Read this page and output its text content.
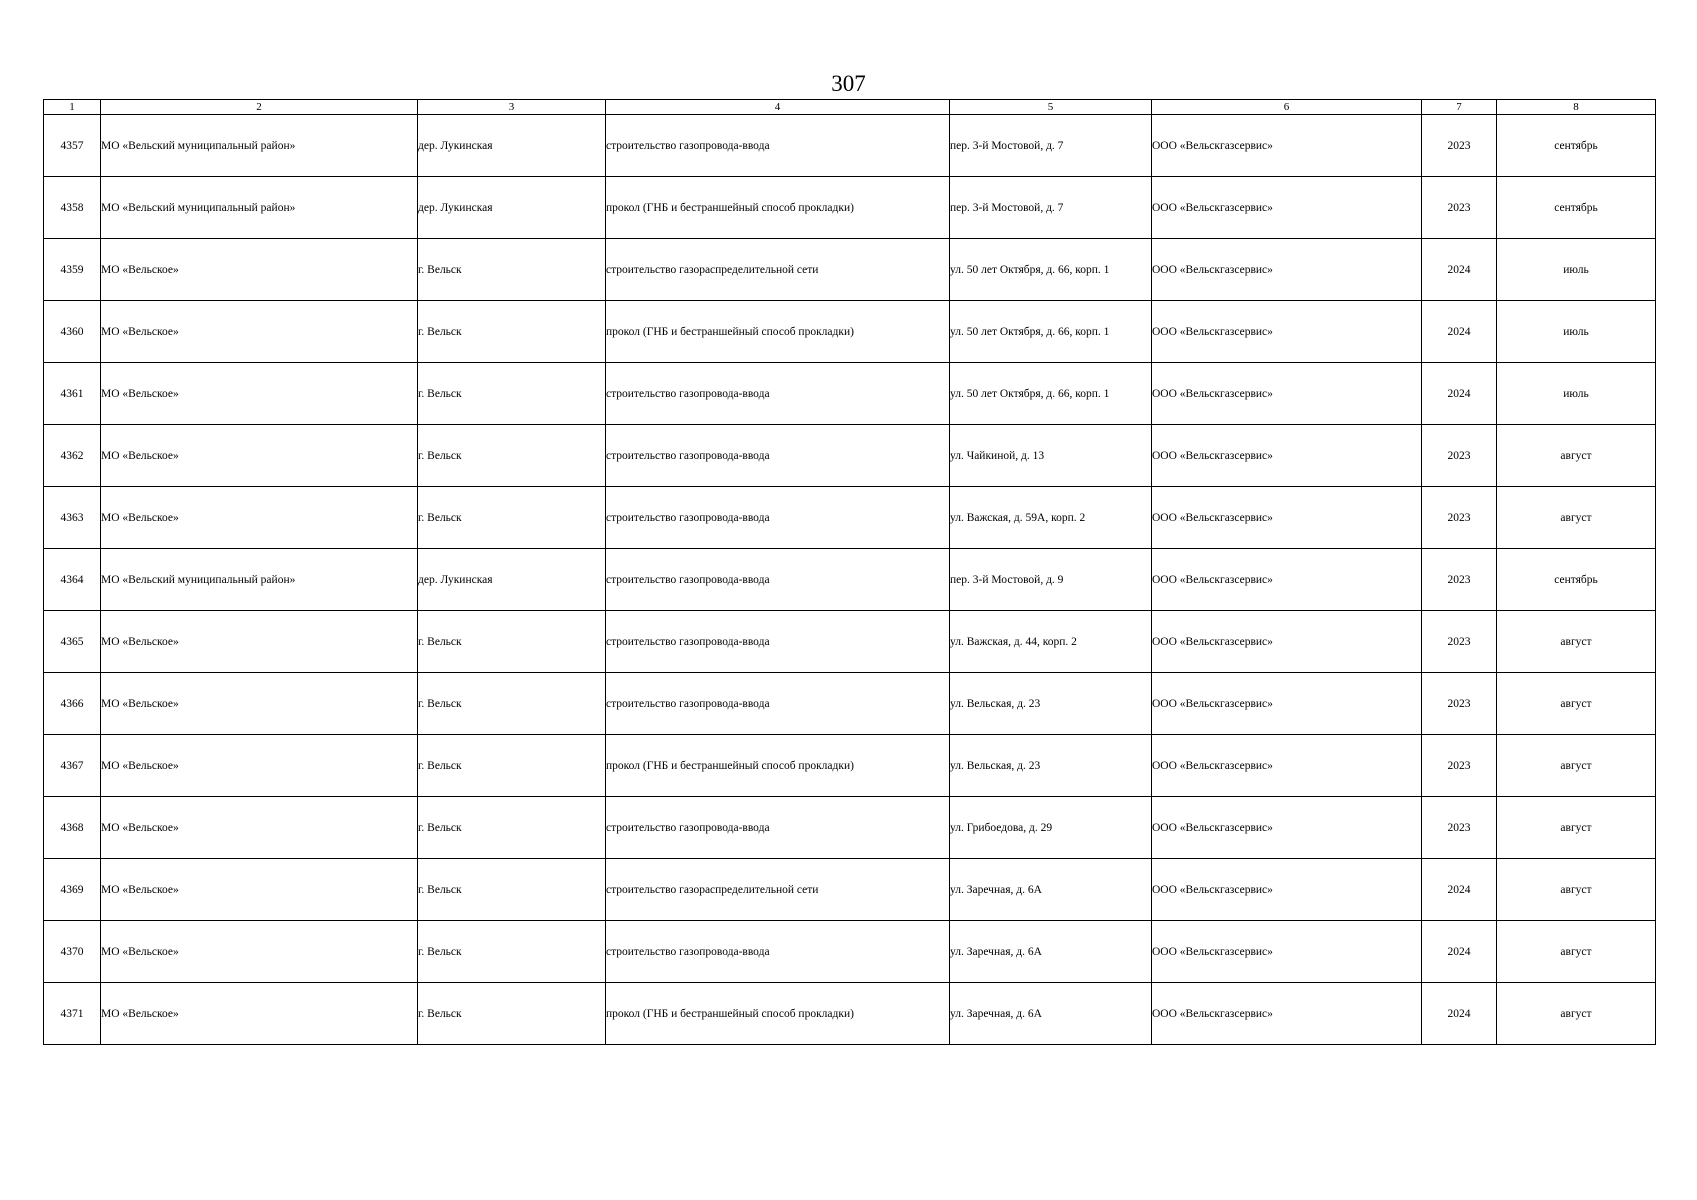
307
1	2	3	4	5	6	7	8
4357	МО «Вельский муниципальный район»	дер. Лукинская	строительство газопровода-ввода	пер. 3-й Мостовой, д. 7	ООО «Вельскгазсервис»	2023	сентябрь
4358	МО «Вельский муниципальный район»	дер. Лукинская	прокол (ГНБ и бестраншейный способ прокладки)	пер. 3-й Мостовой, д. 7	ООО «Вельскгазсервис»	2023	сентябрь
4359	МО «Вельское»	г. Вельск	строительство газораспределительной сети	ул. 50 лет Октября, д. 66, корп. 1	ООО «Вельскгазсервис»	2024	июль
4360	МО «Вельское»	г. Вельск	прокол (ГНБ и бестраншейный способ прокладки)	ул. 50 лет Октября, д. 66, корп. 1	ООО «Вельскгазсервис»	2024	июль
4361	МО «Вельское»	г. Вельск	строительство газопровода-ввода	ул. 50 лет Октября, д. 66, корп. 1	ООО «Вельскгазсервис»	2024	июль
4362	МО «Вельское»	г. Вельск	строительство газопровода-ввода	ул. Чайкиной, д. 13	ООО «Вельскгазсервис»	2023	август
4363	МО «Вельское»	г. Вельск	строительство газопровода-ввода	ул. Важская, д. 59А, корп. 2	ООО «Вельскгазсервис»	2023	август
4364	МО «Вельский муниципальный район»	дер. Лукинская	строительство газопровода-ввода	пер. 3-й Мостовой, д. 9	ООО «Вельскгазсервис»	2023	сентябрь
4365	МО «Вельское»	г. Вельск	строительство газопровода-ввода	ул. Важская, д. 44, корп. 2	ООО «Вельскгазсервис»	2023	август
4366	МО «Вельское»	г. Вельск	строительство газопровода-ввода	ул. Вельская, д. 23	ООО «Вельскгазсервис»	2023	август
4367	МО «Вельское»	г. Вельск	прокол (ГНБ и бестраншейный способ прокладки)	ул. Вельская, д. 23	ООО «Вельскгазсервис»	2023	август
4368	МО «Вельское»	г. Вельск	строительство газопровода-ввода	ул. Грибоедова, д. 29	ООО «Вельскгазсервис»	2023	август
4369	МО «Вельское»	г. Вельск	строительство газораспределительной сети	ул. Заречная, д. 6А	ООО «Вельскгазсервис»	2024	август
4370	МО «Вельское»	г. Вельск	строительство газопровода-ввода	ул. Заречная, д. 6А	ООО «Вельскгазсервис»	2024	август
4371	МО «Вельское»	г. Вельск	прокол (ГНБ и бестраншейный способ прокладки)	ул. Заречная, д. 6А	ООО «Вельскгазсервис»	2024	август
